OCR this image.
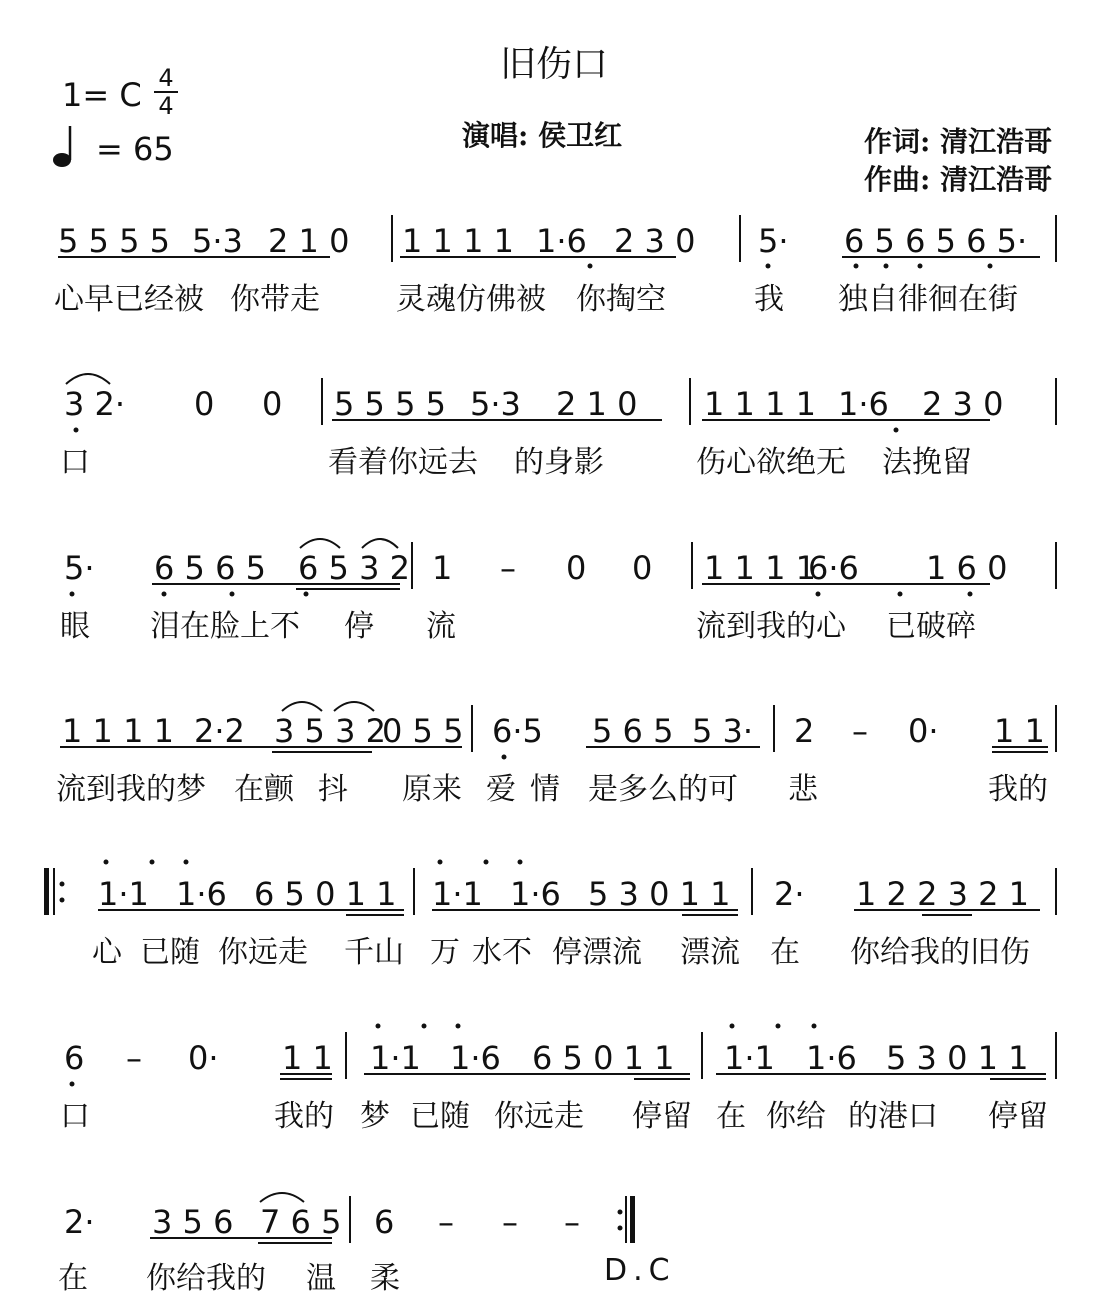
旧伤口
1= C 4
4
= 65	演唱: 侯卫红	作词: 清江浩哥
作曲: 清江浩哥
5 5 5 5 5·3 2 1 0 1 1 1 1 1·6 2 3 0 5· 6 5 6 5 6 5·
心早已经被 你带走	灵魂仿佛被 你掏空	我 独自徘徊在街
3 2· 0 0 5 5 5 5 5·3 2 1 0 1 1 1 1 1·6 2 3 0
口	看着你远去 的身影	伤心欲绝无 法挽留
5· 6 5 6 5 6 5 3 2 1 – 0 0 1 1 1 1
6·6 1 6 0
眼 泪在脸上不 停 流	流到我的心 已破碎
1 1 1 1 2·2 3 5 3 2
0 5 5 6·5 5 6 5 5 3· 2 – 0· 1 1
流到我的梦 在颤 抖 原来 爱 情 是多么的可 悲	我的
1·1 1·6 6 5 0 1 1 1·1 1·6 5 3 0 1 1 2· 1 2 2 3 2 1
心 已随 你远走 千山 万 水不 停漂流 漂流 在 你给我的旧伤
6 – 0· 1 1 1·1 1·6 6 5 0 1 1 1·1 1·6 5 3 0 1 1
口	我的 梦 已随 你远走 停留 在 你给 的港口 停留
2· 3 5 6 7 6 5 6 – – –
在 你给我的 温 柔	D.C
